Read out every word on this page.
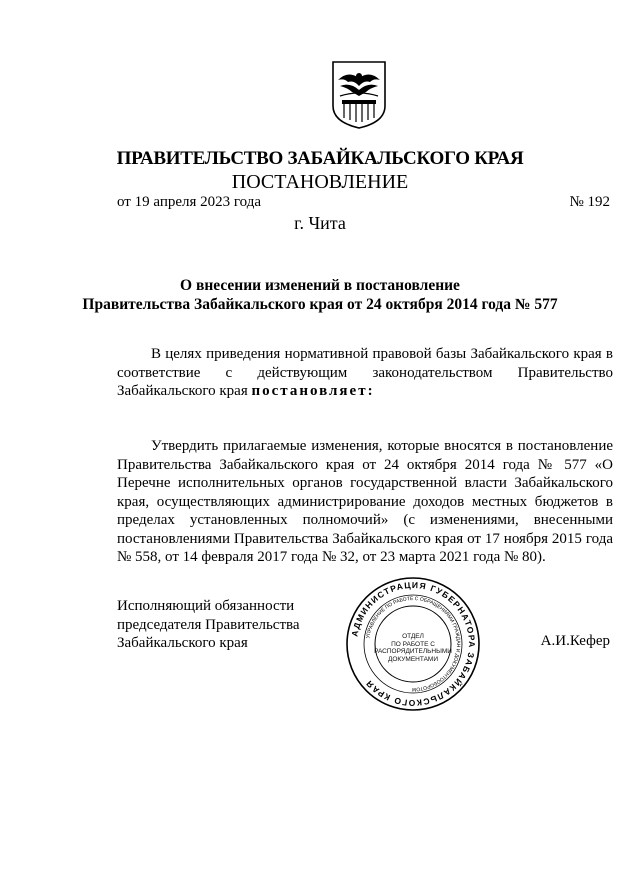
ПРАВИТЕЛЬСТВО ЗАБАЙКАЛЬСКОГО КРАЯ
ПОСТАНОВЛЕНИЕ
от 19 апреля 2023 года	№ 192
г. Чита
О внесении изменений в постановление
Правительства Забайкальского края от 24 октября 2014 года № 577

В целях приведения нормативной правовой базы Забайкальского края в соответствие с действующим законодательством Правительство Забайкальского края постановляет:

Утвердить прилагаемые изменения, которые вносятся в постановление Правительства Забайкальского края от 24 октября 2014 года № 577 «О Перечне исполнительных органов государственной власти Забайкальского края, осуществляющих администрирование доходов местных бюджетов в пределах установленных полномочий» (с изменениями, внесенными постановлениями Правительства Забайкальского края от 17 ноября 2015 года № 558, от 14 февраля 2017 года № 32, от 23 марта 2021 года № 80).

Исполняющий обязанности
председателя Правительства
Забайкальского края	А.И.Кефер
АДМИНИСТРАЦИЯ ГУБЕРНАТОРА ЗАБАЙКАЛЬСКОГО КРАЯ
УПРАВЛЕНИЕ ПО РАБОТЕ С ОБРАЩЕНИЯМИ ГРАЖДАН И ДОКУМЕНТООБОРОТОМ
ОТДЕЛ
ПО РАБОТЕ С
РАСПОРЯДИТЕЛЬНЫМИ
ДОКУМЕНТАМИ
